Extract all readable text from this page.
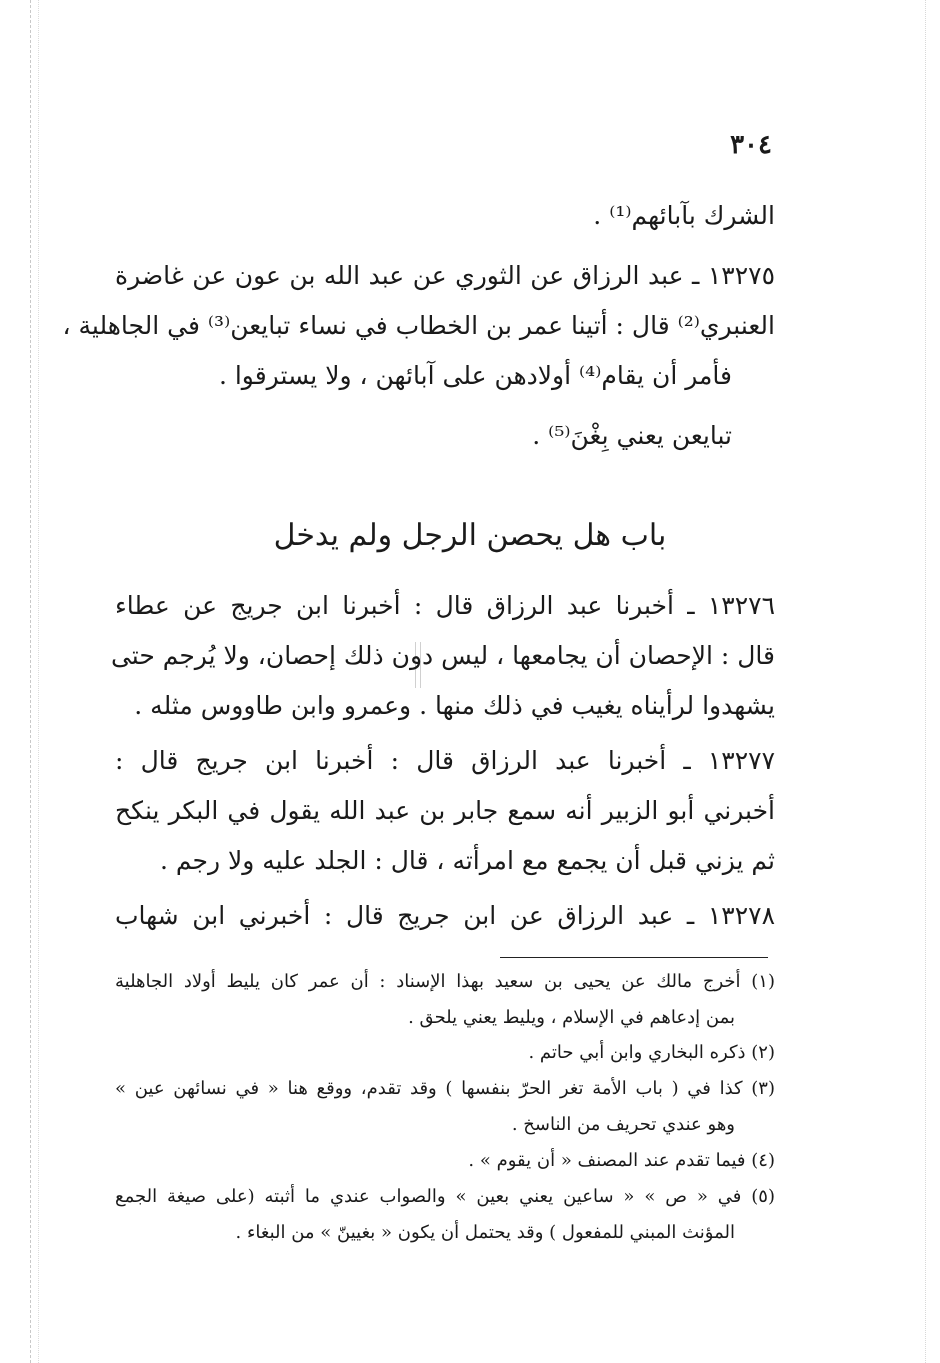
٣٠٤
الشرك بآبائهم⁽¹⁾ .
١٣٢٧٥ ـ عبد الرزاق عن الثوري عن عبد الله بن عون عن غاضرة
العنبري⁽²⁾ قال : أتينا عمر بن الخطاب في نساء تبايعن⁽³⁾ في الجاهلية ،
فأمر أن يقام⁽⁴⁾ أولادهن على آبائهن ، ولا يسترقوا .
تبايعن يعني بِغْنَ⁽⁵⁾ .
باب هل يحصن الرجل ولم يدخل
١٣٢٧٦ ـ أخبرنا عبد الرزاق قال : أخبرنا ابن جريج عن عطاء
قال : الإحصان أن يجامعها ، ليس دون ذلك إحصان، ولا يُرجم حتى
يشهدوا لرأيناه يغيب في ذلك منها . وعمرو وابن طاووس مثله .
١٣٢٧٧ ـ أخبرنا عبد الرزاق قال : أخبرنا ابن جريج قال :
أخبرني أبو الزبير أنه سمع جابر بن عبد الله يقول في البكر ينكح
ثم يزني قبل أن يجمع مع امرأته ، قال : الجلد عليه ولا رجم .
١٣٢٧٨ ـ عبد الرزاق عن ابن جريج قال : أخبرني ابن شهاب
(١) أخرج مالك عن يحيى بن سعيد بهذا الإسناد : أن عمر كان يليط أولاد الجاهلية
بمن إدعاهم في الإسلام ، ويليط يعني يلحق .
(٢) ذكره البخاري وابن أبي حاتم .
(٣) كذا في ( باب الأمة تغر الحرّ بنفسها ) وقد تقدم، ووقع هنا « في نسائهن عين »
وهو عندي تحريف من الناسخ .
(٤) فيما تقدم عند المصنف « أن يقوم » .
(٥) في « ص » « ساعين يعني بعين » والصواب عندي ما أثبته (على صيغة الجمع
المؤنث المبني للمفعول ) وقد يحتمل أن يكون « بغيينّ » من البغاء .
